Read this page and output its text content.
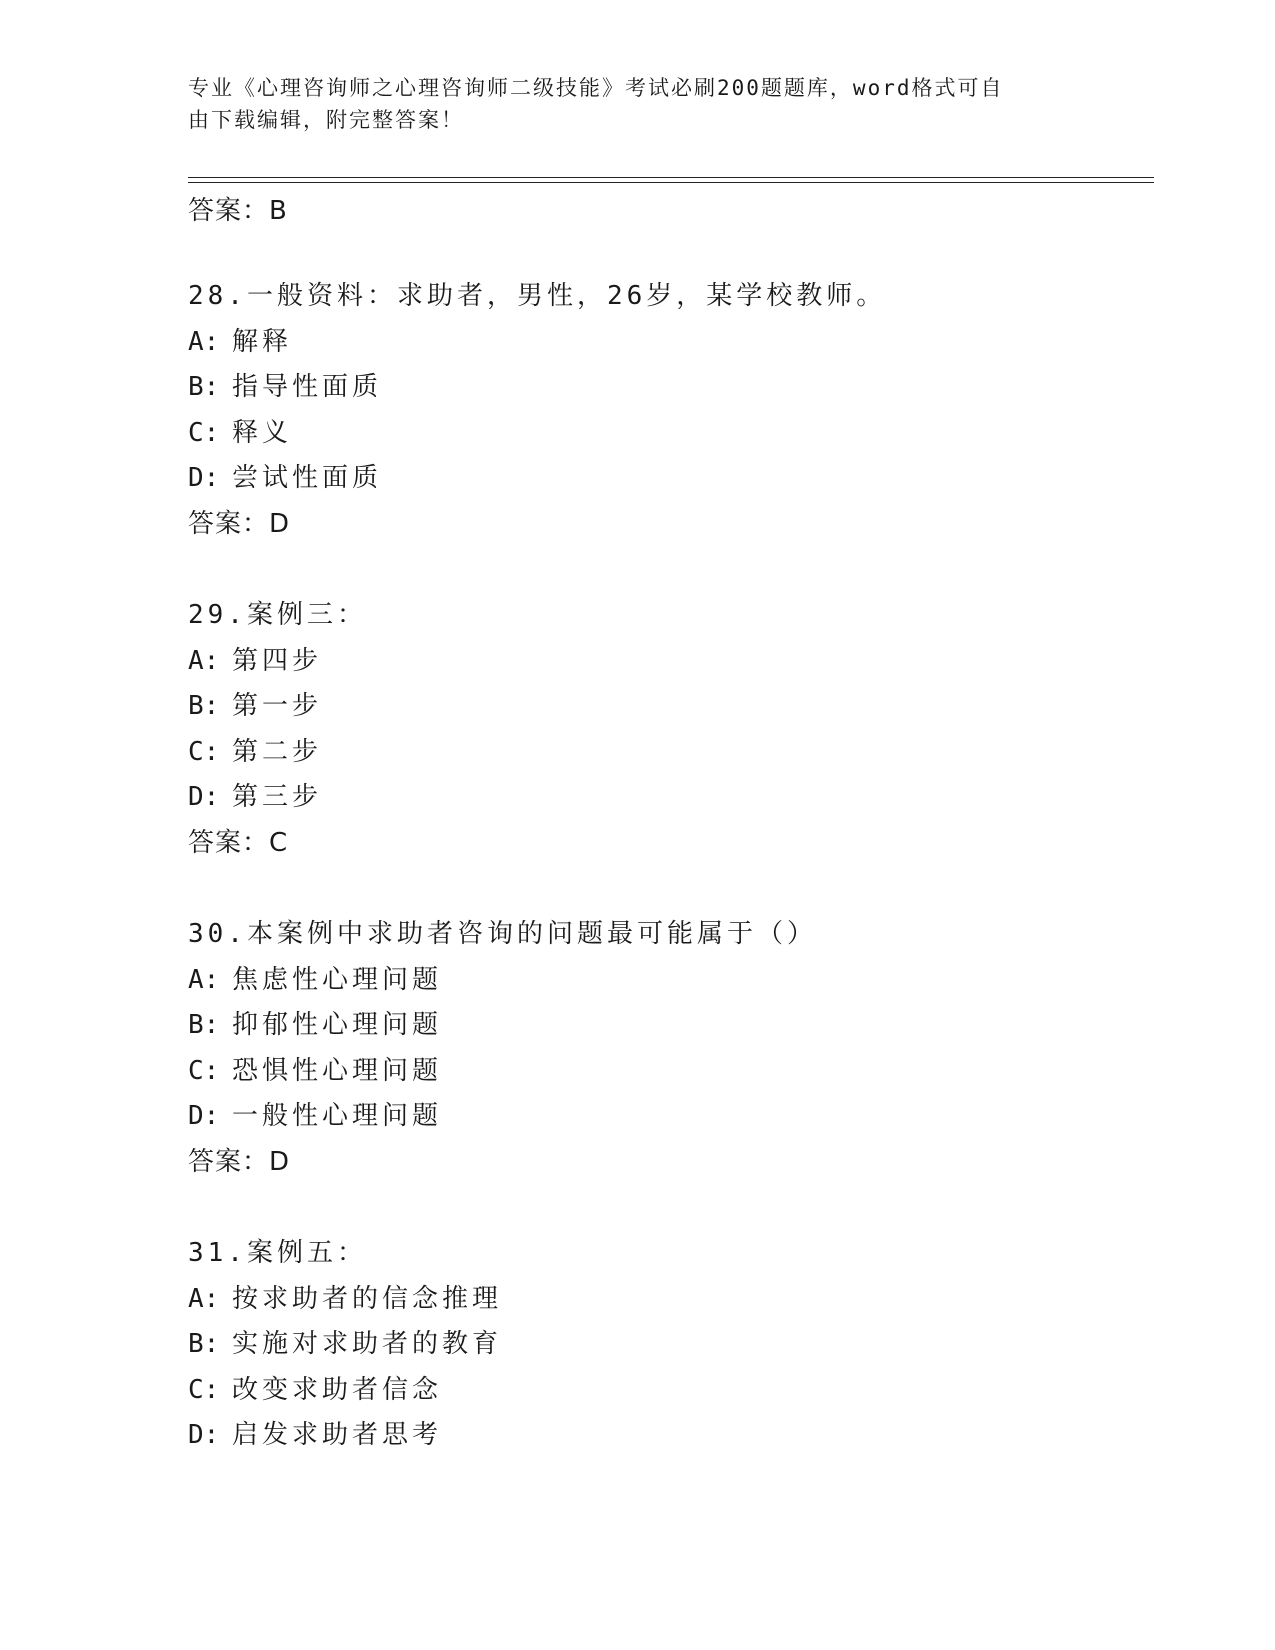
专业《心理咨询师之心理咨询师二级技能》考试必刷200题题库，word格式可自
由下载编辑，附完整答案！
答案：B
28.一般资料：求助者，男性，26岁，某学校教师。
A: 解释
B: 指导性面质
C: 释义
D: 尝试性面质
答案：D
29.案例三：
A: 第四步
B: 第一步
C: 第二步
D: 第三步
答案：C
30.本案例中求助者咨询的问题最可能属于（）
A: 焦虑性心理问题
B: 抑郁性心理问题
C: 恐惧性心理问题
D: 一般性心理问题
答案：D
31.案例五：
A: 按求助者的信念推理
B: 实施对求助者的教育
C: 改变求助者信念
D: 启发求助者思考
